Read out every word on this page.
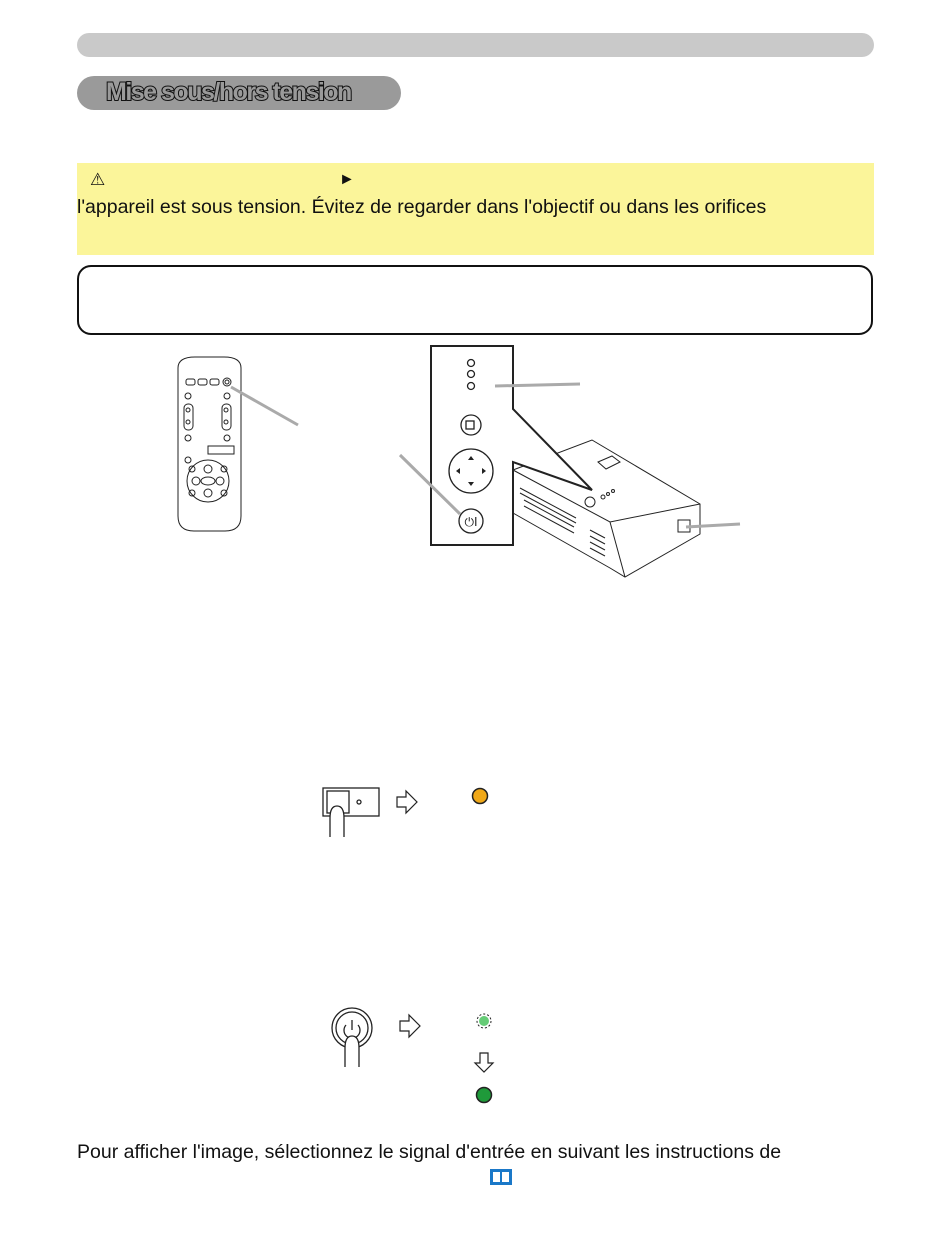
Mise sous/hors tension
⚠	►
l'appareil est sous tension. Évitez de regarder dans l'objectif ou dans les orifices
⏻I
Pour afficher l'image, sélectionnez le signal d'entrée en suivant les instructions de
